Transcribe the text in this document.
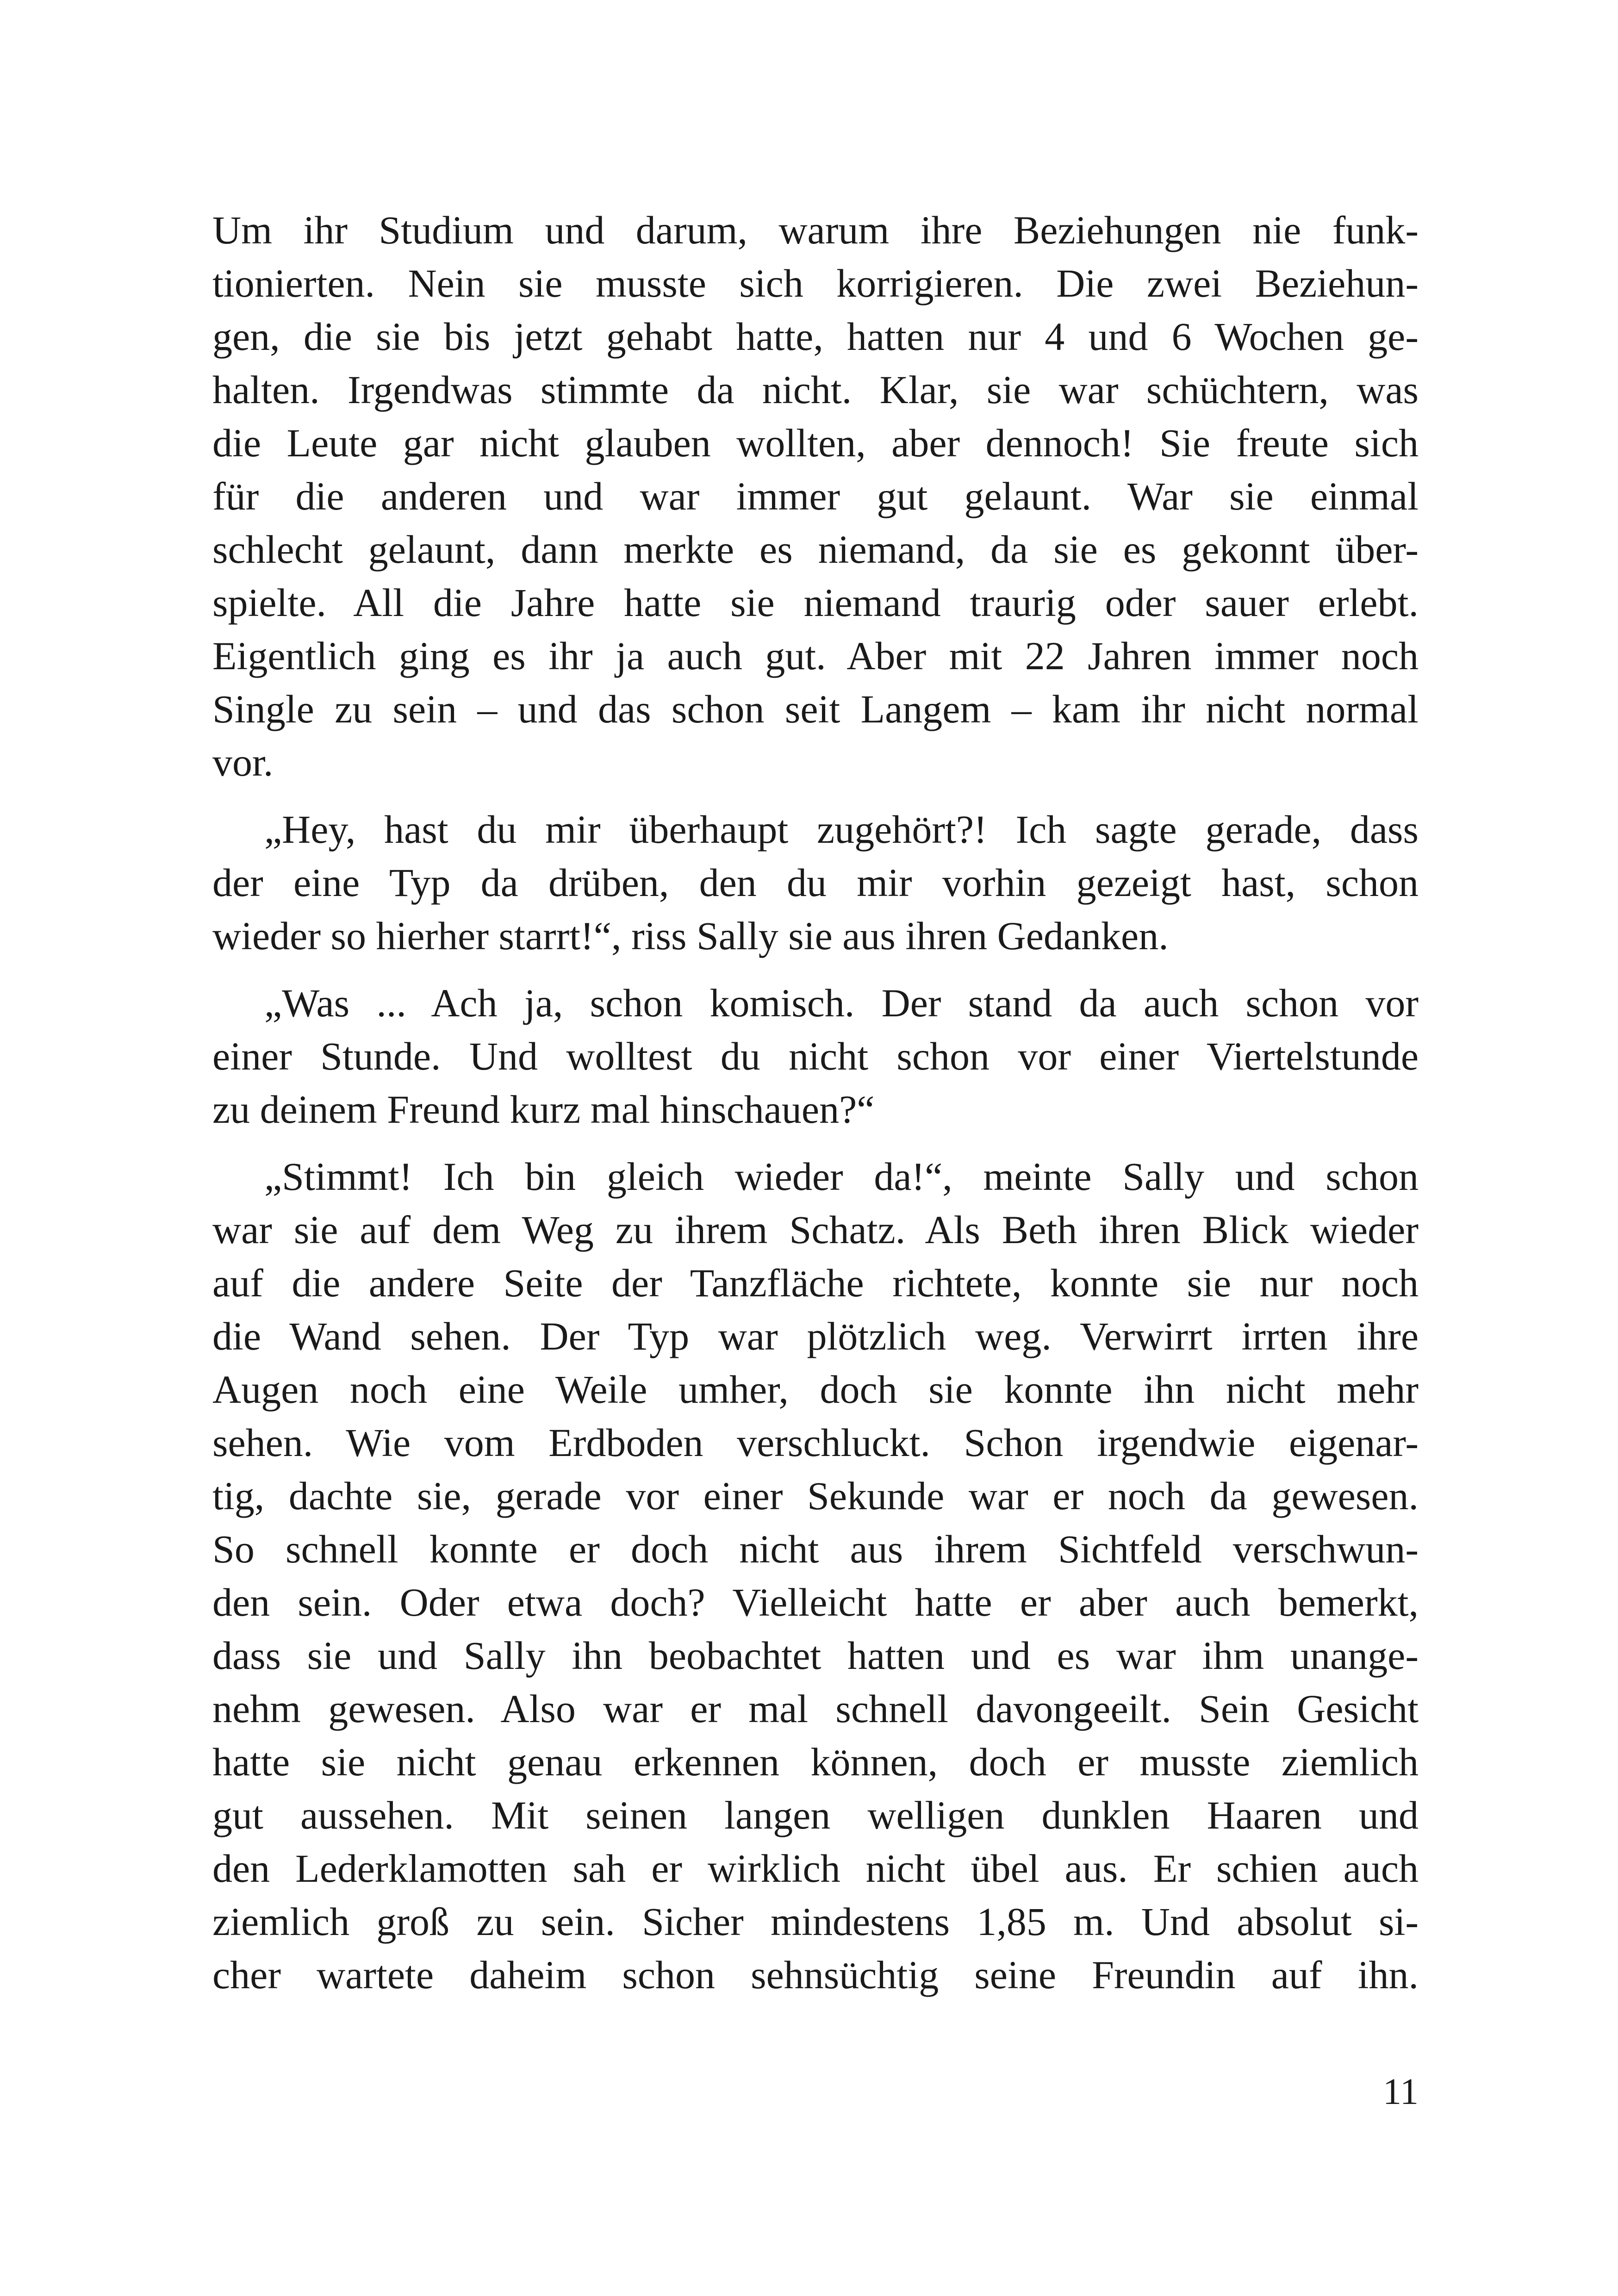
Um ihr Studium und darum, warum ihre Beziehungen nie funk-
tionierten. Nein sie musste sich korrigieren. Die zwei Beziehun-
gen, die sie bis jetzt gehabt hatte, hatten nur 4 und 6 Wochen ge-
halten. Irgendwas stimmte da nicht. Klar, sie war schüchtern, was
die Leute gar nicht glauben wollten, aber dennoch! Sie freute sich
für die anderen und war immer gut gelaunt. War sie einmal
schlecht gelaunt, dann merkte es niemand, da sie es gekonnt über-
spielte. All die Jahre hatte sie niemand traurig oder sauer erlebt.
Eigentlich ging es ihr ja auch gut. Aber mit 22 Jahren immer noch
Single zu sein – und das schon seit Langem – kam ihr nicht normal
vor.
„Hey, hast du mir überhaupt zugehört?! Ich sagte gerade, dass
der eine Typ da drüben, den du mir vorhin gezeigt hast, schon
wieder so hierher starrt!“, riss Sally sie aus ihren Gedanken.
„Was ... Ach ja, schon komisch. Der stand da auch schon vor
einer Stunde. Und wolltest du nicht schon vor einer Viertelstunde
zu deinem Freund kurz mal hinschauen?“
„Stimmt! Ich bin gleich wieder da!“, meinte Sally und schon
war sie auf dem Weg zu ihrem Schatz. Als Beth ihren Blick wieder
auf die andere Seite der Tanzfläche richtete, konnte sie nur noch
die Wand sehen. Der Typ war plötzlich weg. Verwirrt irrten ihre
Augen noch eine Weile umher, doch sie konnte ihn nicht mehr
sehen. Wie vom Erdboden verschluckt. Schon irgendwie eigenar-
tig, dachte sie, gerade vor einer Sekunde war er noch da gewesen.
So schnell konnte er doch nicht aus ihrem Sichtfeld verschwun-
den sein. Oder etwa doch? Vielleicht hatte er aber auch bemerkt,
dass sie und Sally ihn beobachtet hatten und es war ihm unange-
nehm gewesen. Also war er mal schnell davongeeilt. Sein Gesicht
hatte sie nicht genau erkennen können, doch er musste ziemlich
gut aussehen. Mit seinen langen welligen dunklen Haaren und
den Lederklamotten sah er wirklich nicht übel aus. Er schien auch
ziemlich groß zu sein. Sicher mindestens 1,85 m. Und absolut si-
cher wartete daheim schon sehnsüchtig seine Freundin auf ihn.
11
